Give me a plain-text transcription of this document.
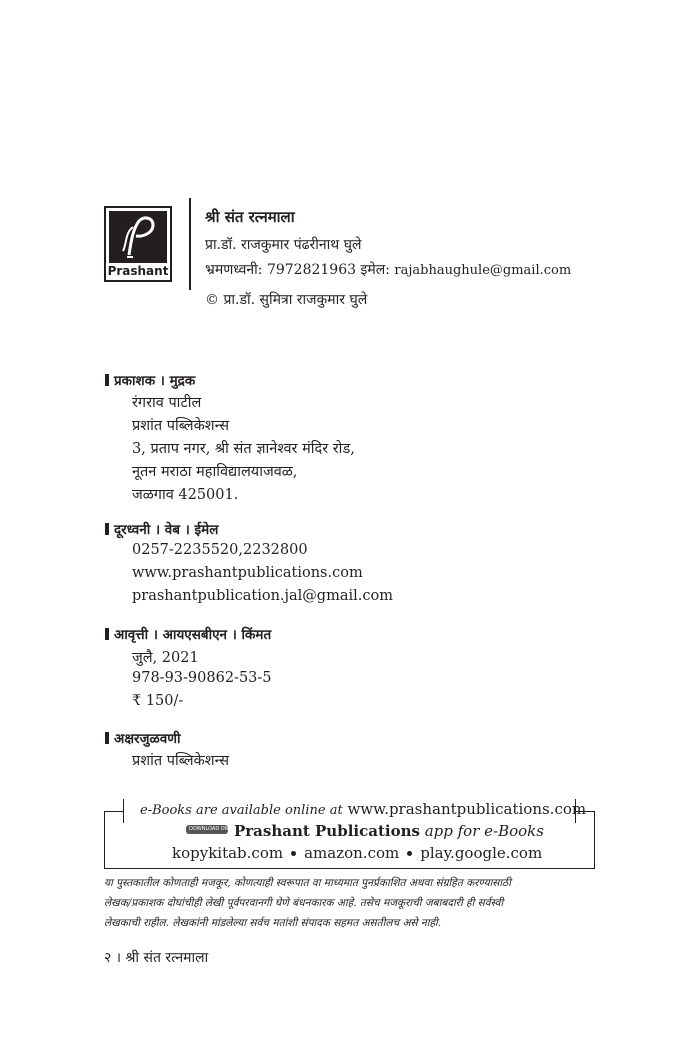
Prashant
श्री संत रत्नमाला
प्रा.डॉ. राजकुमार पंढरीनाथ घुले
भ्रमणध्वनी: 7972821963 इमेल: rajabhaughule@gmail.com
© प्रा.डॉ. सुमित्रा राजकुमार घुले
प्रकाशक । मुद्रक
रंगराव पाटील
प्रशांत पब्लिकेशन्स
3, प्रताप नगर, श्री संत ज्ञानेश्वर मंदिर रोड,
नूतन मराठा महाविद्यालयाजवळ,
जळगाव 425001.
दूरध्वनी । वेब । ईमेल
0257-2235520,2232800
www.prashantpublications.com
prashantpublication.jal@gmail.com
आवृत्ती । आयएसबीएन । किंमत
जुलै, 2021
978-93-90862-53-5
₹ 150/-
अक्षरजुळवणी
प्रशांत पब्लिकेशन्स
e-Books are available online at www.prashantpublications.com
DOWNLOAD ON Prashant Publications app for e-Books
kopykitab.com amazon.com play.google.com
या पुस्तकातील कोणताही मजकूर, कोणत्याही स्वरूपात वा माध्यमात पुनर्प्रकाशित अथवा संग्रहित करण्यासाठी
लेखक/प्रकाशक दोघांचीही लेखी पूर्वपरवानगी घेणे बंधनकारक आहे. तसेच मजकूराची जबाबदारी ही सर्वस्वी
लेखकाची राहील. लेखकांनी मांडलेल्या सर्वच मतांशी संपादक सहमत असतीलच असे नाही.
२ । श्री संत रत्नमाला
